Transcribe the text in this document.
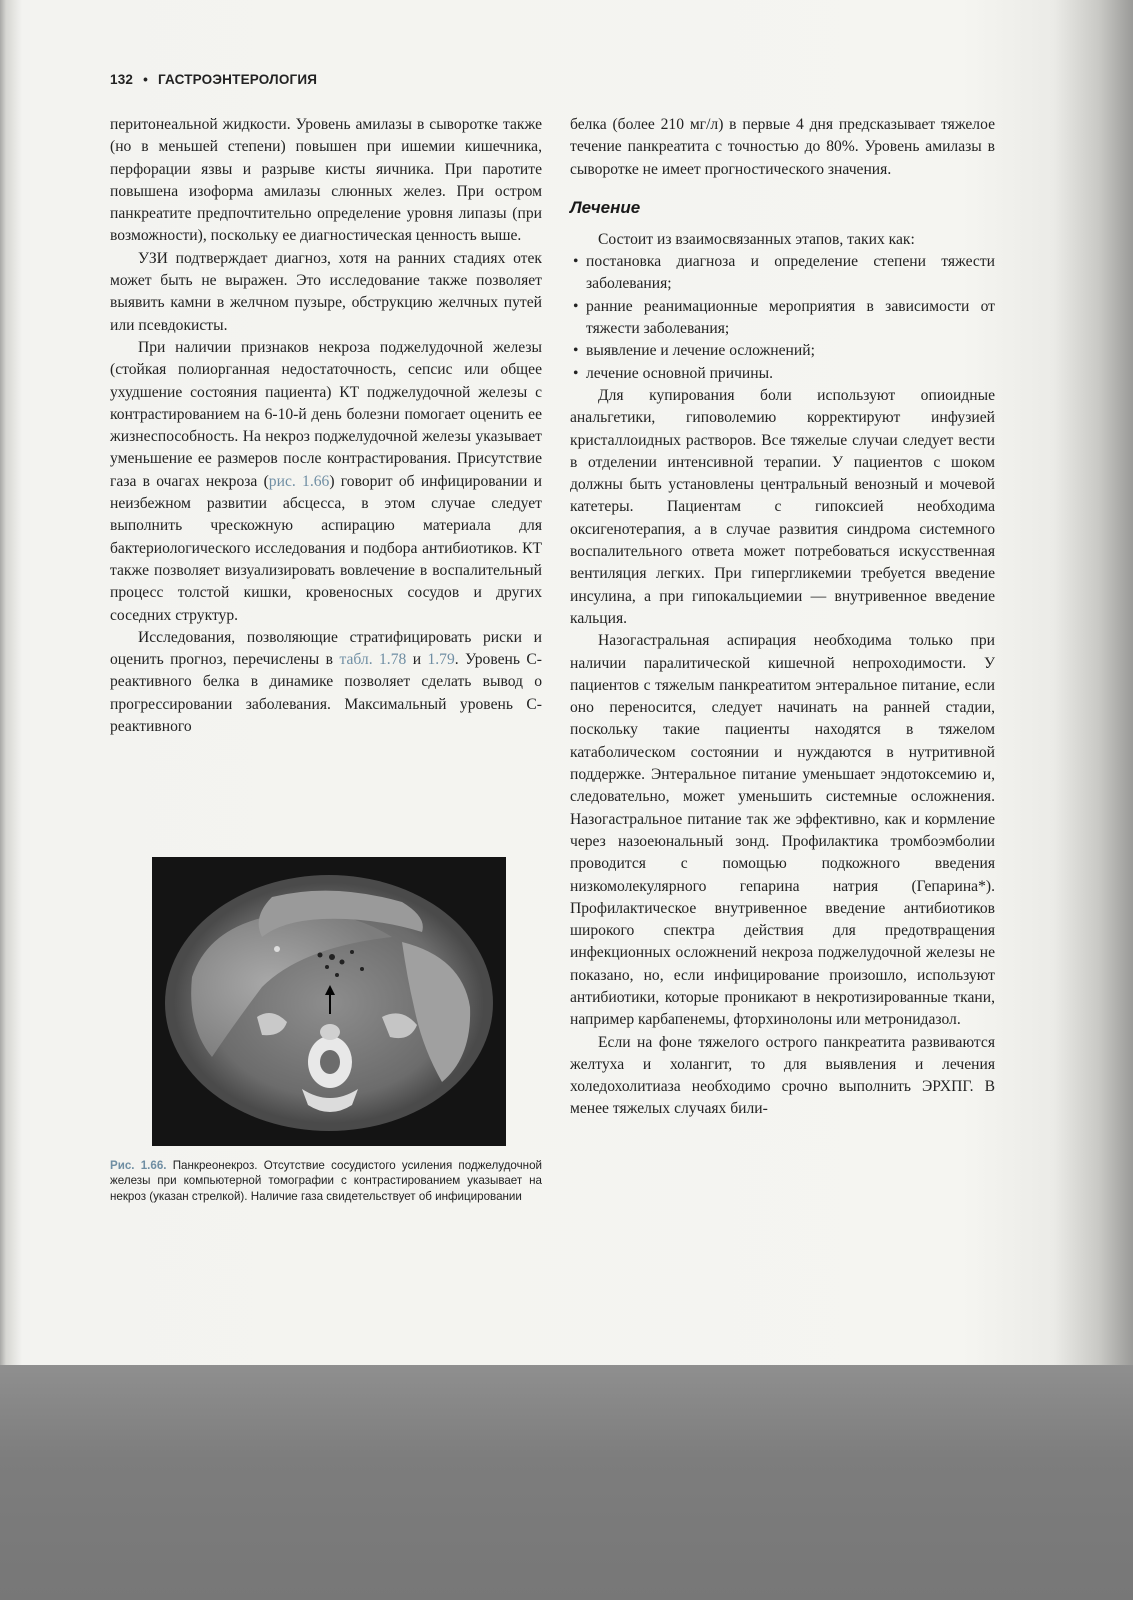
132 • ГАСТРОЭНТЕРОЛОГИЯ

перитонеальной жидкости. Уровень амилазы в сыворотке также (но в меньшей степени) повышен при ишемии кишечника, перфорации язвы и разрыве кисты яичника. При паротите повышена изоформа амилазы слюнных желез. При остром панкреатите предпочтительно определение уровня липазы (при возможности), поскольку ее диагностическая ценность выше.

УЗИ подтверждает диагноз, хотя на ранних стадиях отек может быть не выражен. Это исследование также позволяет выявить камни в желчном пузыре, обструкцию желчных путей или псевдокисты.

При наличии признаков некроза поджелудочной железы (стойкая полиорганная недостаточность, сепсис или общее ухудшение состояния пациента) КТ поджелудочной железы с контрастированием на 6-10-й день болезни помогает оценить ее жизнеспособность. На некроз поджелудочной железы указывает уменьшение ее размеров после контрастирования. Присутствие газа в очагах некроза (рис. 1.66) говорит об инфицировании и неизбежном развитии абсцесса, в этом случае следует выполнить чрескожную аспирацию материала для бактериологического исследования и подбора антибиотиков. КТ также позволяет визуализировать вовлечение в воспалительный процесс толстой кишки, кровеносных сосудов и других соседних структур.

Исследования, позволяющие стратифицировать риски и оценить прогноз, перечислены в табл. 1.78 и 1.79. Уровень С-реактивного белка в динамике позволяет сделать вывод о прогрессировании заболевания. Максимальный уровень С-реактивного

Рис. 1.66. Панкреонекроз. Отсутствие сосудистого усиления поджелудочной железы при компьютерной томографии с контрастированием указывает на некроз (указан стрелкой). Наличие газа свидетельствует об инфицировании

белка (более 210 мг/л) в первые 4 дня предсказывает тяжелое течение панкреатита с точностью до 80%. Уровень амилазы в сыворотке не имеет прогностического значения.

Лечение

Состоит из взаимосвязанных этапов, таких как:

• постановка диагноза и определение степени тяжести заболевания;
• ранние реанимационные мероприятия в зависимости от тяжести заболевания;
• выявление и лечение осложнений;
• лечение основной причины.

Для купирования боли используют опиоидные анальгетики, гиповолемию корректируют инфузией кристаллоидных растворов. Все тяжелые случаи следует вести в отделении интенсивной терапии. У пациентов с шоком должны быть установлены центральный венозный и мочевой катетеры. Пациентам с гипоксией необходима оксигенотерапия, а в случае развития синдрома системного воспалительного ответа может потребоваться искусственная вентиляция легких. При гипергликемии требуется введение инсулина, а при гипокальциемии — внутривенное введение кальция.

Назогастральная аспирация необходима только при наличии паралитической кишечной непроходимости. У пациентов с тяжелым панкреатитом энтеральное питание, если оно переносится, следует начинать на ранней стадии, поскольку такие пациенты находятся в тяжелом катаболическом состоянии и нуждаются в нутритивной поддержке. Энтеральное питание уменьшает эндотоксемию и, следовательно, может уменьшить системные осложнения. Назогастральное питание так же эффективно, как и кормление через назоеюнальный зонд. Профилактика тромбоэмболии проводится с помощью подкожного введения низкомолекулярного гепарина натрия (Гепарина*). Профилактическое внутривенное введение антибиотиков широкого спектра действия для предотвращения инфекционных осложнений некроза поджелудочной железы не показано, но, если инфицирование произошло, используют антибиотики, которые проникают в некротизированные ткани, например карбапенемы, фторхинолоны или метронидазол.

Если на фоне тяжелого острого панкреатита развиваются желтуха и холангит, то для выявления и лечения холедохолитиаза необходимо срочно выполнить ЭРХПГ. В менее тяжелых случаях били-
